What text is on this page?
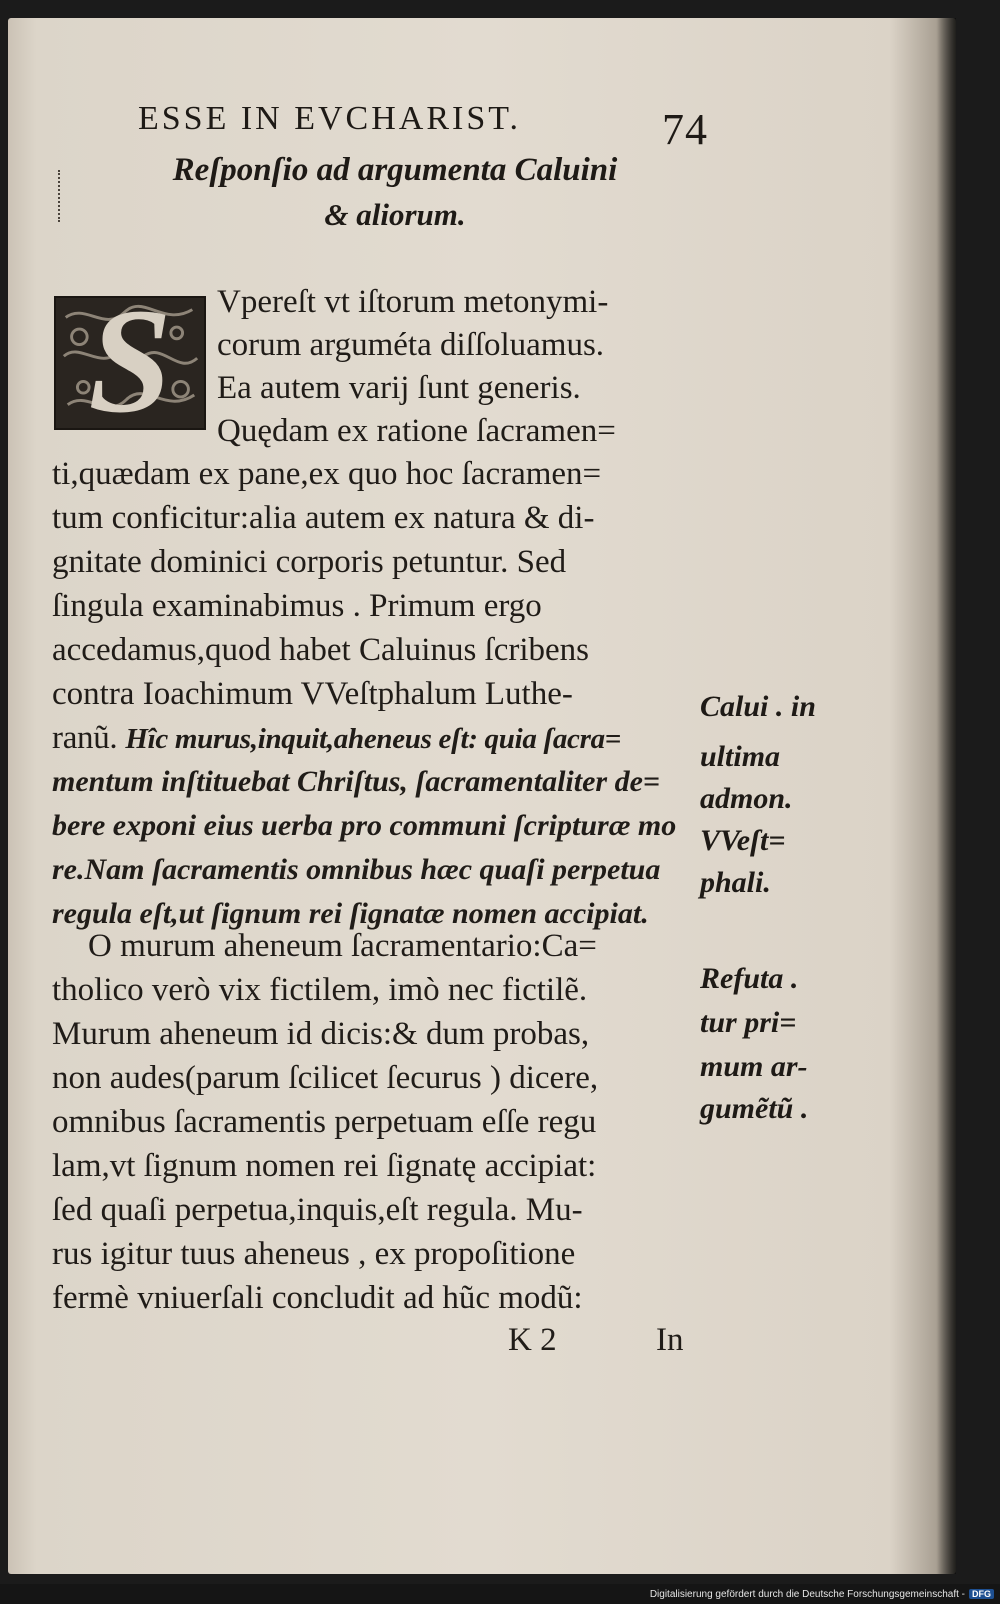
ESSE IN EVCHARIST.	74
Reſponſio ad argumenta Caluini
& aliorum.
S	Vpereſt vt iſtorum metonymi-
corum arguméta diſſoluamus.
Ea autem varij ſunt generis.
Quędam ex ratione ſacramen=
ti,quædam ex pane,ex quo hoc ſacramen=
tum conficitur:alia autem ex natura & di-
gnitate dominici corporis petuntur. Sed
ſingula examinabimus . Primum ergo
accedamus,quod habet Caluinus ſcribens
contra Ioachimum VVeſtphalum Luthe-
ranũ. Hîc murus,inquit,aheneus eſt: quia ſacra=
mentum inſtituebat Chriſtus, ſacramentaliter de=
bere exponi eius uerba pro communi ſcripturæ mo
re.Nam ſacramentis omnibus hæc quaſi perpetua
regula eſt,ut ſignum rei ſignatæ nomen accipiat.
O murum aheneum ſacramentario:Ca=
tholico verò vix fictilem, imò nec fictilẽ.
Murum aheneum id dicis:& dum probas,
non audes(parum ſcilicet ſecurus ) dicere,
omnibus ſacramentis perpetuam eſſe regu
lam,vt ſignum nomen rei ſignatę accipiat:
ſed quaſi perpetua,inquis,eſt regula. Mu-
rus igitur tuus aheneus , ex propoſitione
fermè vniuerſali concludit ad hũc modũ:
Calui . in
ultima
admon.
VVeſt=
phali.
Refuta .
tur pri=
mum ar-
gumẽtũ .
K 2	In
Digitalisierung gefördert durch die Deutsche Forschungsgemeinschaft - DFG
